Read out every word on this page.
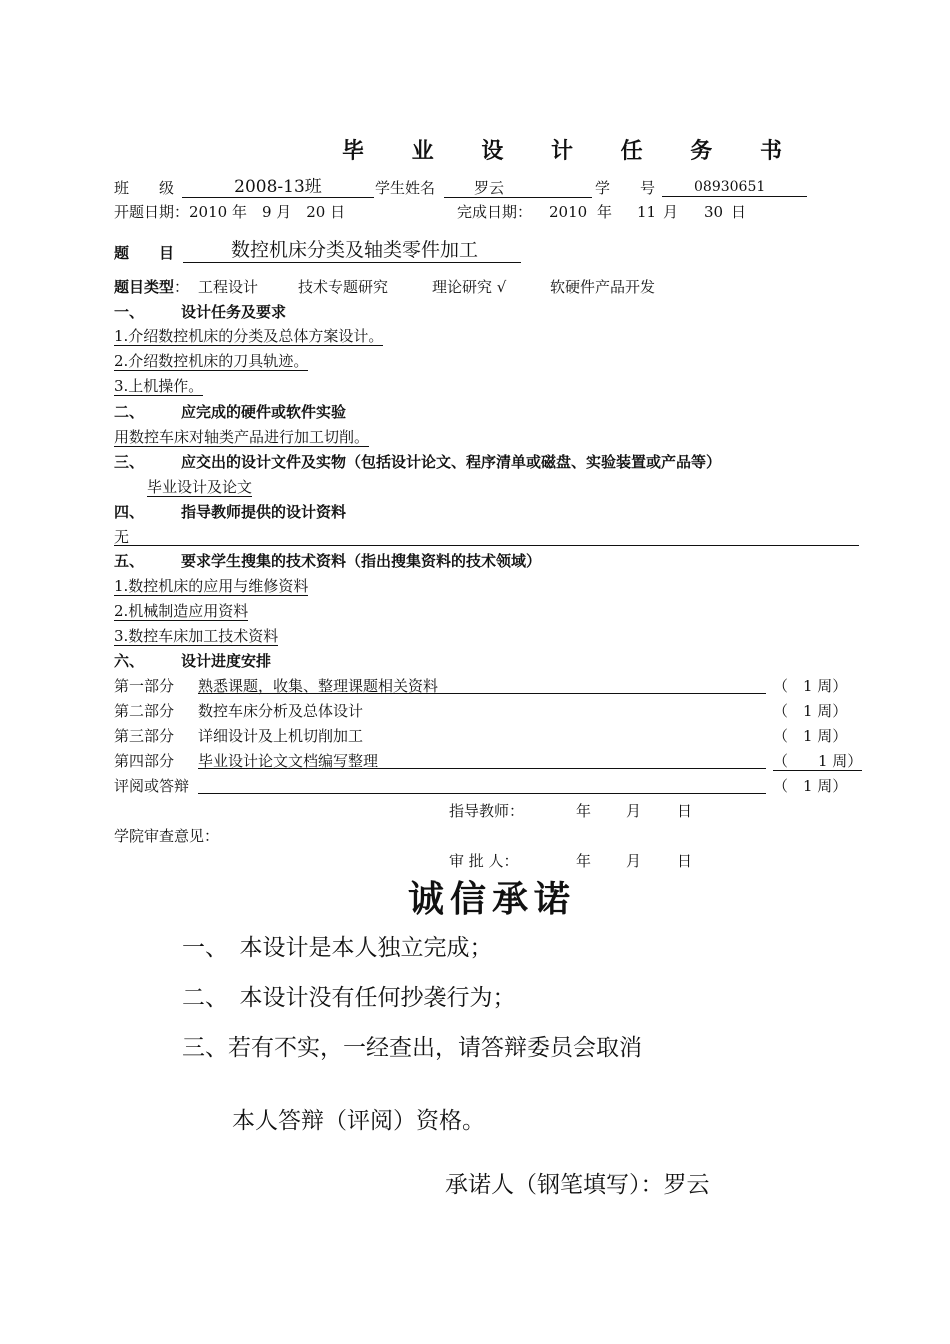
毕 业 设 计 任 务 书
班　　级	2008-13班	学生姓名	罗云	学　　号	08930651
开题日期：2010 年　9 月　20 日	完成日期： 2010 年 11 月 30 日
题　　目	数控机床分类及轴类零件加工
题目类型： 工程设计	技术专题研究	理论研究 √	软硬件产品开发
一、 设计任务及要求
1.介绍数控机床的分类及总体方案设计。
2.介绍数控机床的刀具轨迹。
3.上机操作。
二、 应完成的硬件或软件实验
用数控车床对轴类产品进行加工切削。
三、 应交出的设计文件及实物（包括设计论文、程序清单或磁盘、实验装置或产品等）
毕业设计及论文
四、 指导教师提供的设计资料
无
五、 要求学生搜集的技术资料（指出搜集资料的技术领域）
1.数控机床的应用与维修资料
2.机械制造应用资料
3.数控车床加工技术资料
六、 设计进度安排
第一部分 熟悉课题，收集、整理课题相关资料	（　1 周）
第二部分 数控车床分析及总体设计	（　1 周）
第三部分 详细设计及上机切削加工	（　1 周）
第四部分 毕业设计论文文档编写整理	（　　1 周）
评阅或答辩	（　1 周）
指导教师：	年 月 日
学院审查意见：
审 批 人：	年 月 日
诚信承诺
一、　本设计是本人独立完成；
二、　本设计没有任何抄袭行为；
三、若有不实，一经查出，请答辩委员会取消
本人答辩（评阅）资格。
承诺人（钢笔填写）：罗云
